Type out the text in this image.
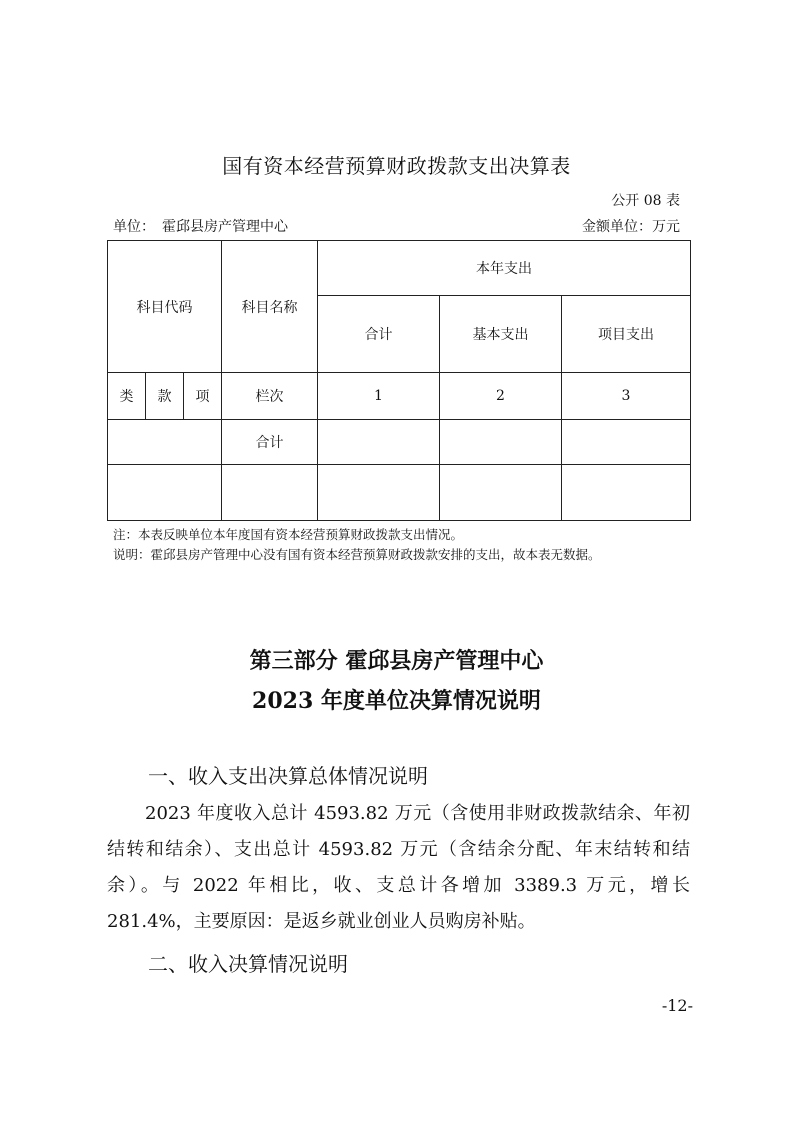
国有资本经营预算财政拨款支出决算表
公开 08 表
单位：　霍邱县房产管理中心	金额单位：万元
科目代码			科目名称	本年支出		
				合计	基本支出	项目支出
类	款	项	栏次	1	2	3
			合计			

注：本表反映单位本年度国有资本经营预算财政拨款支出情况。
说明：霍邱县房产管理中心没有国有资本经营预算财政拨款安排的支出，故本表无数据。
第三部分 霍邱县房产管理中心
2023 年度单位决算情况说明
一、收入支出决算总体情况说明
2023 年度收入总计 4593.82 万元（含使用非财政拨款结余、年初结转和结余）、支出总计 4593.82 万元（含结余分配、年末结转和结余）。与 2022 年相比，收、支总计各增加 3389.3 万元，增长 281.4%，主要原因：是返乡就业创业人员购房补贴。
二、收入决算情况说明
-12-
